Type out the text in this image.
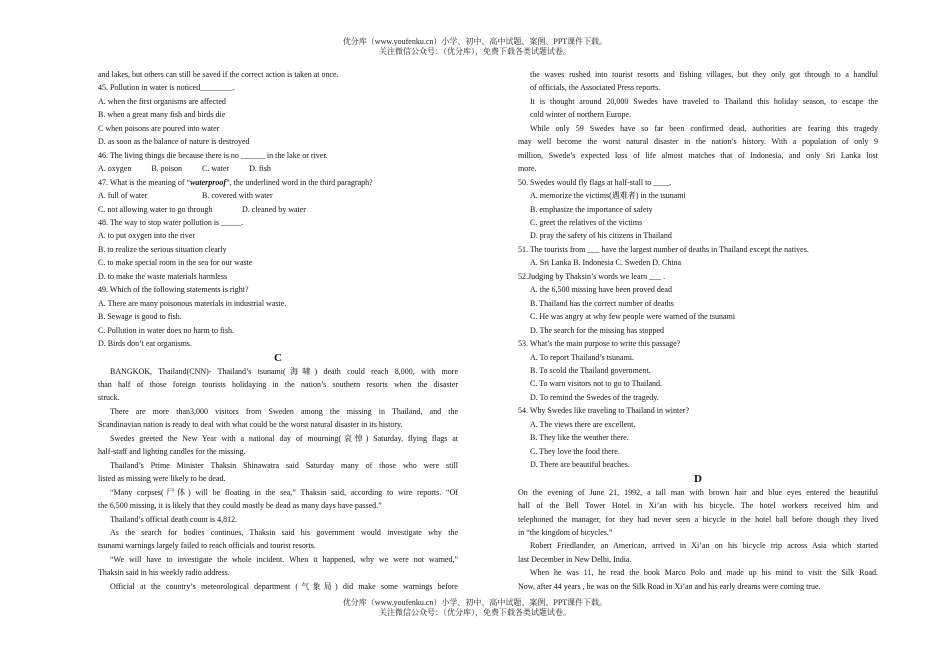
优分库（www.youfenku.cn）小学、初中、高中试题、案例、PPT课件下载。
关注微信公众号：（优分库），免费下载各类试题试卷。
and lakes, but others can still be saved if the correct action is taken at once.
45. Pollution in water is noticed________.
A. when the first organisms are affected
B. when a great many fish and birds die
C when poisons are poured into water
D. as soon as the balance of nature is destroyed
46. The living things die because there is no ______ in the lake or river.
A. oxygen	B. poison	C. water	D. fish
47. What is the meaning of “waterproof”, the underlined word in the third paragraph?
A. full of water	B. covered with water
C. not allowing water to go through	D. cleaned by water
48. The way to stop water pollution is _____.
A. to put oxygen into the river
B. to realize the serious situation clearly
C. to make special room in the sea for our waste
D. to make the waste materials harmless
49. Which of the following statements is right?
A. There are many poisonous materials in industrial waste.
B. Sewage is good to fish.
C. Pollution in water does no harm to fish.
D. Birds don’t eat organisms.
C
BANGKOK, Thailand(CNN)- Thailand’s tsunami(海啸) death could reach 8,000, with more
than half of those foreign tourists holidaying in the nation’s southern resorts when the disaster
struck.
There are more than3,000 visitors from Sweden among the missing in Thailand, and the
Scandinavian nation is ready to deal with what could be the worst natural disaster in its history.
Swedes greeted the New Year with a national day of mourning(哀悼) Saturday, flying flags at
half-staff and lighting candles for the missing.
Thailand’s Prime Minister Thaksin Shinawatra said Saturday many of those who were still
listed as missing were likely to be dead.
“Many corpses(尸体) will be floating in the sea,” Thaksin said, according to wire reports. “Of
the 6,500 missing, it is likely that they could mostly be dead as many days have passed.”
Thailand’s official death count is 4,812.
As the search for bodies continues, Thaksin said his government would investigate why the
tsunami warnings largely failed to reach officials and tourist resorts.
“We will have to investigate the whole incident. When it happened, why we were not warned,”
Thaksin said in his weekly radio address.
Official at the country’s meteorological department (气象局) did make some warnings before
the waves rushed into tourist resorts and fishing villages, but they only got through to a handful
of officials, the Associated Press reports.
It is thought around 20,000 Swedes have traveled to Thailand this holiday season, to escape the
cold winter of northern Europe.
While only 59 Swedes have so far been confirmed dead, authorities are fearing this tragedy
may well become the worst natural disaster in the nation’s history. With a population of only 9
million, Swede’s expected loss of life almost matches that of Indonesia, and only Sri Lanka lost
more.
50. Swedes would fly flags at half-stall to ____.
A. memorize the victims(遇难者) in the tsunami
B. emphasize the importance of safety
C. greet the relatives of the victims
D. pray the safety of his citizens in Thailand
51. The tourists from ___ have the largest number of deaths in Thailand except the natives.
A. Sri Lanka B. Indonesia C. Sweden D. China
52.Judging by Thaksin’s words we learn ___ .
A. the 6,500 missing have been proved dead
B. Thailand has the correct number of deaths
C. He was angry at why few people were warned of the tsunami
D. The search for the missing has stopped
53. What’s the main purpose to write this passage?
A. To report Thailand’s tsunami.
B. To scold the Thailand government.
C. To warn visitors not to go to Thailand.
D. To remind the Swedes of the tragedy.
54. Why Swedes like traveling to Thailand in winter?
A. The views there are excellent.
B. They like the weather there.
C. They love the food there.
D. There are beautiful beaches.
D
On the evening of June 21, 1992, a tall man with brown hair and blue eyes entered the beautiful
hall of the Bell Tower Hotel in Xi’an with his bicycle. The hotel workers received him and
telephoned the manager, for they had never seen a bicycle in the hotel ball before though they lived
in “the kingdom of bicycles.”
Robert Friedlander, an American, arrived in Xi’an on his bicycle trip across Asia which started
last December in New Delhi, India.
When he was 11, he read the book Marco Polo and made up his mind to visit the Silk Road.
Now, after 44 years , he was on the Silk Road in Xi’an and his early dreams were coming true.
优分库（www.youfenku.cn）小学、初中、高中试题、案例、PPT课件下载。
关注微信公众号：（优分库），免费下载各类试题试卷。
